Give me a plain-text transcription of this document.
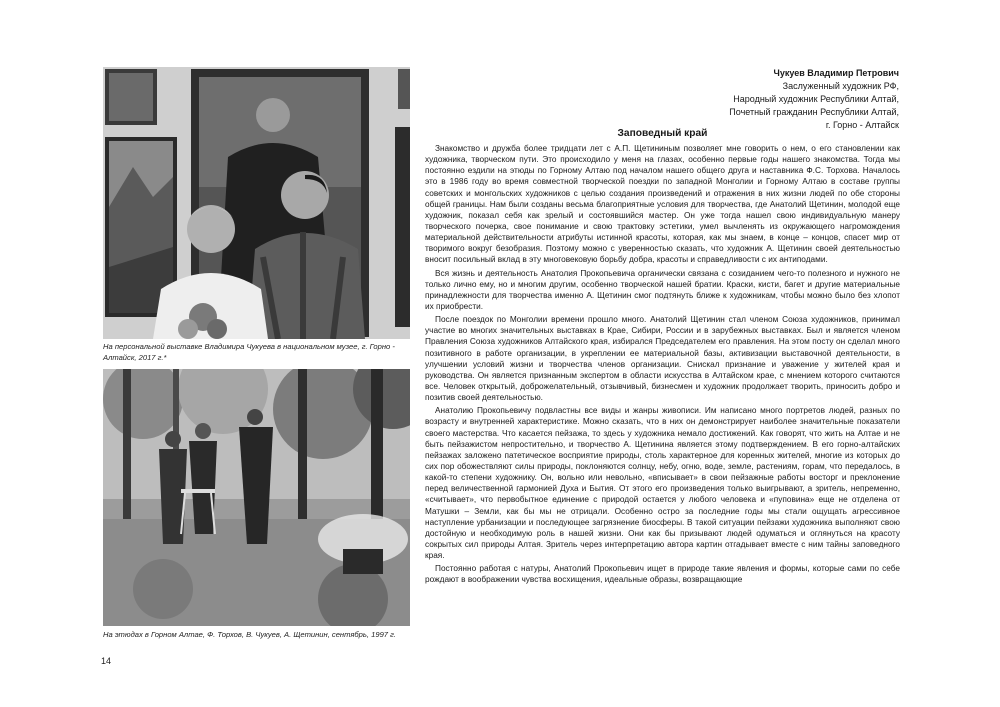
На персональной выставке Владимира Чукуева в национальном музее, г. Горно - Алтайск, 2017 г.*
На этюдах в Горном Алтае, Ф. Торхов, В. Чукуев, А. Щетинин, сентябрь, 1997 г.
14
Чукуев Владимир Петрович
Заслуженный художник РФ,
Народный художник Республики Алтай,
Почетный гражданин Республики Алтай,
г. Горно - Алтайск
Заповедный край

Знакомство и дружба более тридцати лет с А.П. Щетининым позволяет мне говорить о нем, о его становлении как художника, творческом пути. Это происходило у меня на глазах, особенно первые годы нашего знакомства. Тогда мы постоянно ездили на этюды по Горному Алтаю под началом нашего общего друга и наставника Ф.С. Торхова. Началось это в 1986 году во время совместной творческой поездки по западной Монголии и Горному Алтаю в составе группы советских и монгольских художников с целью создания произведений и отражения в них жизни людей по обе стороны общей границы. Нам были созданы весьма благоприятные условия для творчества, где Анатолий Щетинин, молодой еще художник, показал себя как зрелый и состоявшийся мастер. Он уже тогда нашел свою индивидуальную манеру творческого почерка, свое понимание и свою трактовку эстетики, умел вычленять из окружающего нагромождения материальной действительности атрибуты истинной красоты, которая, как мы знаем, в конце – концов, спасет мир от творимого вокруг безобразия. Поэтому можно с уверенностью сказать, что художник А. Щетинин своей деятельностью вносит посильный вклад в эту многовековую борьбу добра, красоты и справедливости с их антиподами.

Вся жизнь и деятельность Анатолия Прокопьевича органически связана с созиданием чего-то полезного и нужного не только лично ему, но и многим другим, особенно творческой нашей братии. Краски, кисти, багет и другие материальные принадлежности для творчества именно А. Щетинин смог подтянуть ближе к художникам, чтобы можно было без хлопот их приобрести.

После поездок по Монголии времени прошло много. Анатолий Щетинин стал членом Союза художников, принимал участие во многих значительных выставках в Крае, Сибири, России и в зарубежных выставках. Был и является членом Правления Союза художников Алтайского края, избирался Председателем его правления. На этом посту он сделал много позитивного в работе организации, в укреплении ее материальной базы, активизации выставочной деятельности, в улучшении условий жизни и творчества членов организации. Снискал признание и уважение у жителей края и руководства. Он является признанным экспертом в области искусства в Алтайском крае, с мнением которого считаются все. Человек открытый, доброжелательный, отзывчивый, бизнесмен и художник продолжает творить, приносить добро и позитив своей деятельностью.

Анатолию Прокопьевичу подвластны все виды и жанры живописи. Им написано много портретов людей, разных по возрасту и внутренней характеристике. Можно сказать, что в них он демонстрирует наиболее значительные показатели своего мастерства. Что касается пейзажа, то здесь у художника немало достижений. Как говорят, что жить на Алтае и не быть пейзажистом непростительно, и творчество А. Щетинина является этому подтверждением. В его горно-алтайских пейзажах заложено патетическое восприятие природы, столь характерное для коренных жителей, многие из которых до сих пор обожествляют силы природы, поклоняются солнцу, небу, огню, воде, земле, растениям, горам, что передалось, в какой-то степени художнику. Он, вольно или невольно, «вписывает» в свои пейзажные работы восторг и преклонение перед величественной гармонией Духа и Бытия. От этого его произведения только выигрывают, а зритель, непременно, «считывает», что первобытное единение с природой остается у любого человека и «пуповина» еще не отделена от Матушки – Земли, как бы мы не отрицали. Особенно остро за последние годы мы стали ощущать агрессивное наступление урбанизации и последующее загрязнение биосферы. В такой ситуации пейзажи художника выполняют свою достойную и необходимую роль в нашей жизни. Они как бы призывают людей одуматься и оглянуться на красоту сокрытых сил природы Алтая. Зритель через интерпретацию автора картин отгадывает вместе с ним тайны заповедного края.

Постоянно работая с натуры, Анатолий Прокопьевич ищет в природе такие явления и формы, которые сами по себе рождают в воображении чувства восхищения, идеальные образы, возвращающие
